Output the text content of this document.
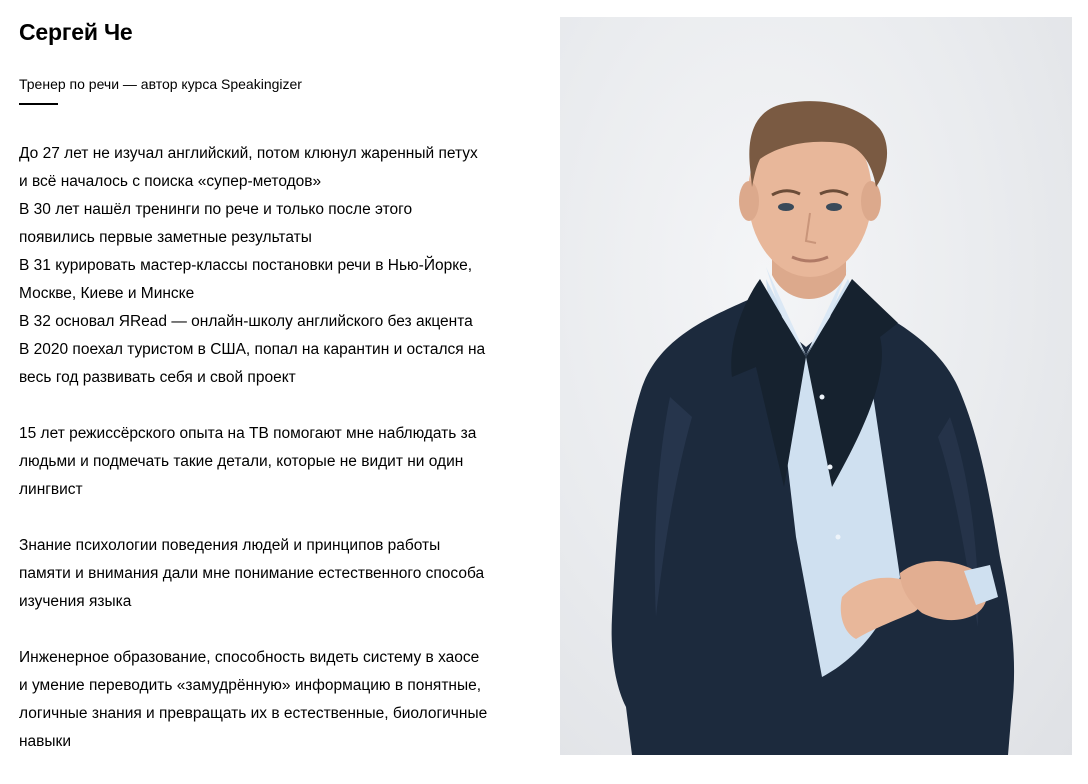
Сергей Че

Тренер по речи — автор курса Speakingizer

До 27 лет не изучал английский, потом клюнул жаренный петух
и всё началось с поиска «супер-методов»
В 30 лет нашёл тренинги по рече и только после этого
появились первые заметные результаты
В 31 курировать мастер-классы постановки речи в Нью-Йорке,
Москве, Киеве и Минске
В 32 основал ЯRead — онлайн-школу английского без акцента
В 2020 поехал туристом в США, попал на карантин и остался на
весь год развивать себя и свой проект
15 лет режиссёрского опыта на ТВ помогают мне наблюдать за
людьми и подмечать такие детали, которые не видит ни один
лингвист
Знание психологии поведения людей и принципов работы
памяти и внимания дали мне понимание естественного способа
изучения языка
Инженерное образование, способность видеть систему в хаосе
и умение переводить «замудрённую» информацию в понятные,
логичные знания и превращать их в естественные, биологичные
навыки
